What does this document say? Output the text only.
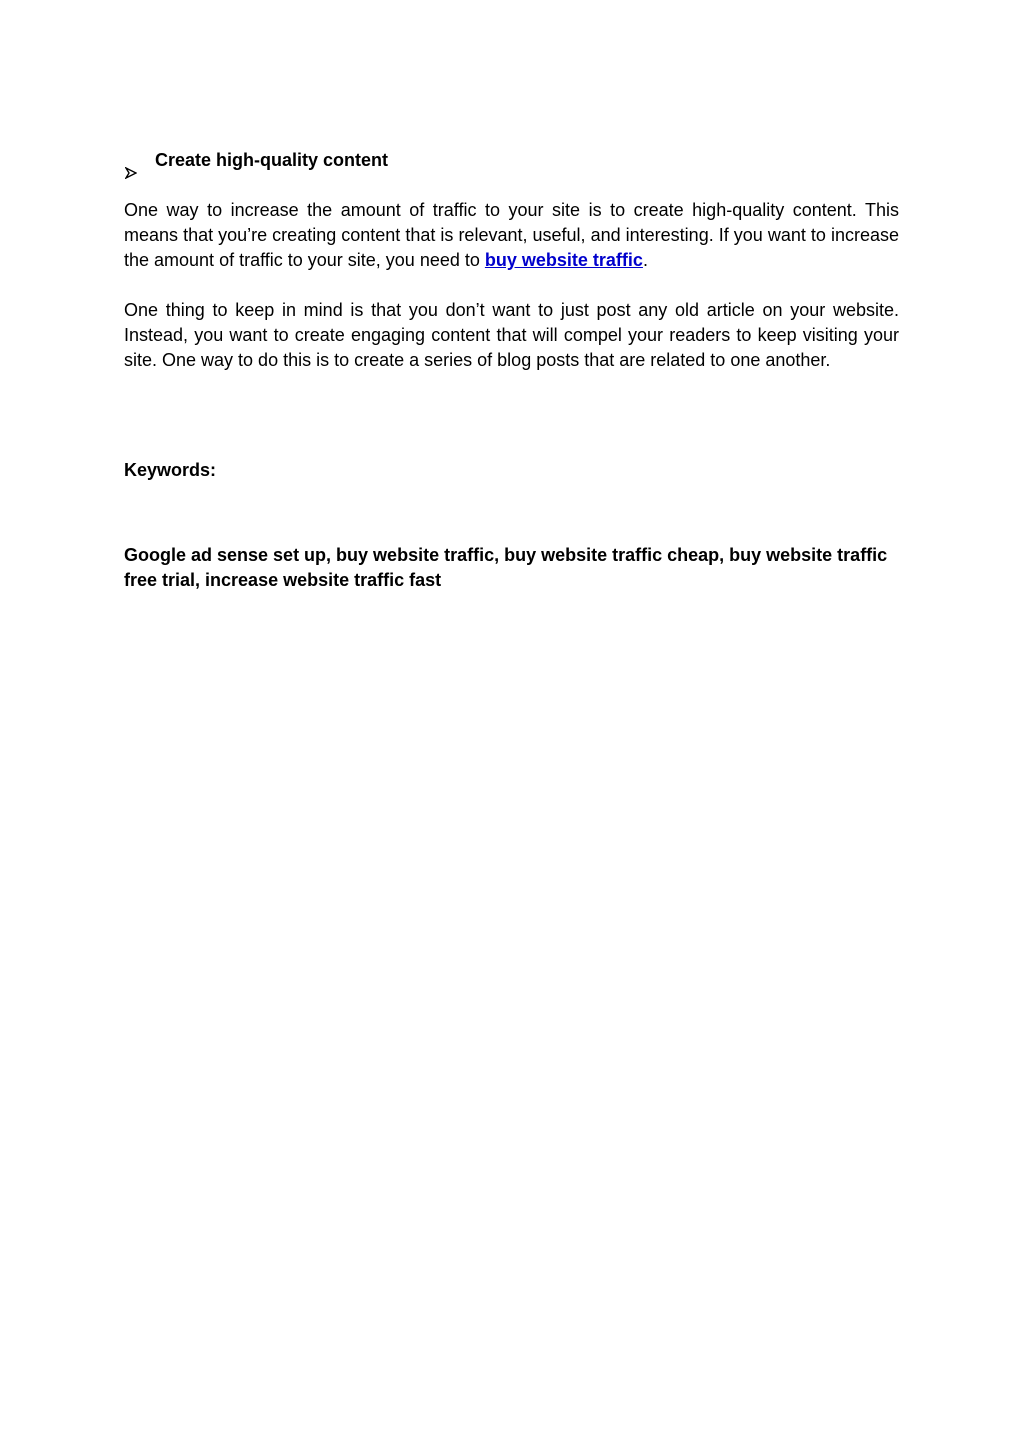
Create high-quality content

One way to increase the amount of traffic to your site is to create high-quality content. This means that you’re creating content that is relevant, useful, and interesting. If you want to increase the amount of traffic to your site, you need to buy website traffic.

One thing to keep in mind is that you don’t want to just post any old article on your website. Instead, you want to create engaging content that will compel your readers to keep visiting your site. One way to do this is to create a series of blog posts that are related to one another.

Keywords:
Google ad sense set up, buy website traffic, buy website traffic cheap, buy website traffic free trial, increase website traffic fast
